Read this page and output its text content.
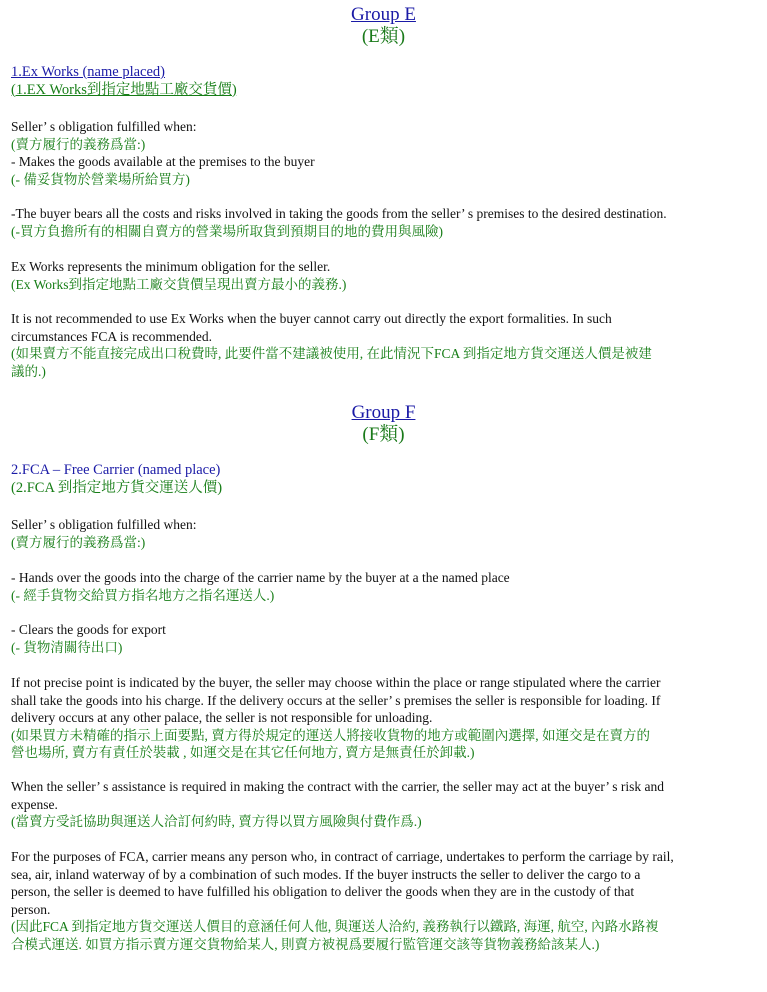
Group E
(E類)
1.Ex Works (name placed)
(1.EX Works到指定地點工廠交貨價)
Seller’ s obligation fulfilled when:
(賣方履行的義務爲當:)
- Makes the goods available at the premises to the buyer
(- 備妥貨物於營業場所給買方)
-The buyer bears all the costs and risks involved in taking the goods from the seller’ s premises to the desired destination.
(-買方負擔所有的相關自賣方的營業場所取貨到預期目的地的費用與風險)
Ex Works represents the minimum obligation for the seller.
(Ex Works到指定地點工廠交貨價呈現出賣方最小的義務.)
It is not recommended to use Ex Works when the buyer cannot carry out directly the export formalities. In such
circumstances FCA is recommended.
(如果賣方不能直接完成出口稅費時, 此要件當不建議被使用, 在此情況下FCA 到指定地方貨交運送人價是被建
議的.)
Group F
(F類)
2.FCA – Free Carrier (named place)
(2.FCA 到指定地方貨交運送人價)
Seller’ s obligation fulfilled when:
(賣方履行的義務爲當:)
- Hands over the goods into the charge of the carrier name by the buyer at a the named place
(- 經手貨物交給買方指名地方之指名運送人.)
- Clears the goods for export
(- 貨物清關待出口)
If not precise point is indicated by the buyer, the seller may choose within the place or range stipulated where the carrier
shall take the goods into his charge. If the delivery occurs at the seller’ s premises the seller is responsible for loading. If
delivery occurs at any other palace, the seller is not responsible for unloading.
(如果買方未精確的指示上面要點, 賣方得於規定的運送人將接收貨物的地方或範圍內選擇, 如運交是在賣方的
營也場所, 賣方有責任於裝載 , 如運交是在其它任何地方, 賣方是無責任於卸載.)
When the seller’ s assistance is required in making the contract with the carrier, the seller may act at the buyer’ s risk and
expense.
(當賣方受託協助與運送人洽訂何約時, 賣方得以買方風險與付費作爲.)
For the purposes of FCA, carrier means any person who, in contract of carriage, undertakes to perform the carriage by rail,
sea, air, inland waterway of by a combination of such modes. If the buyer instructs the seller to deliver the cargo to a
person, the seller is deemed to have fulfilled his obligation to deliver the goods when they are in the custody of that
person.
(因此FCA 到指定地方貨交運送人價目的意涵任何人他, 與運送人洽約, 義務執行以鐵路, 海運, 航空, 內路水路複
合模式運送. 如買方指示賣方運交貨物給某人, 則賣方被視爲要履行監管運交該等貨物義務給該某人.)
